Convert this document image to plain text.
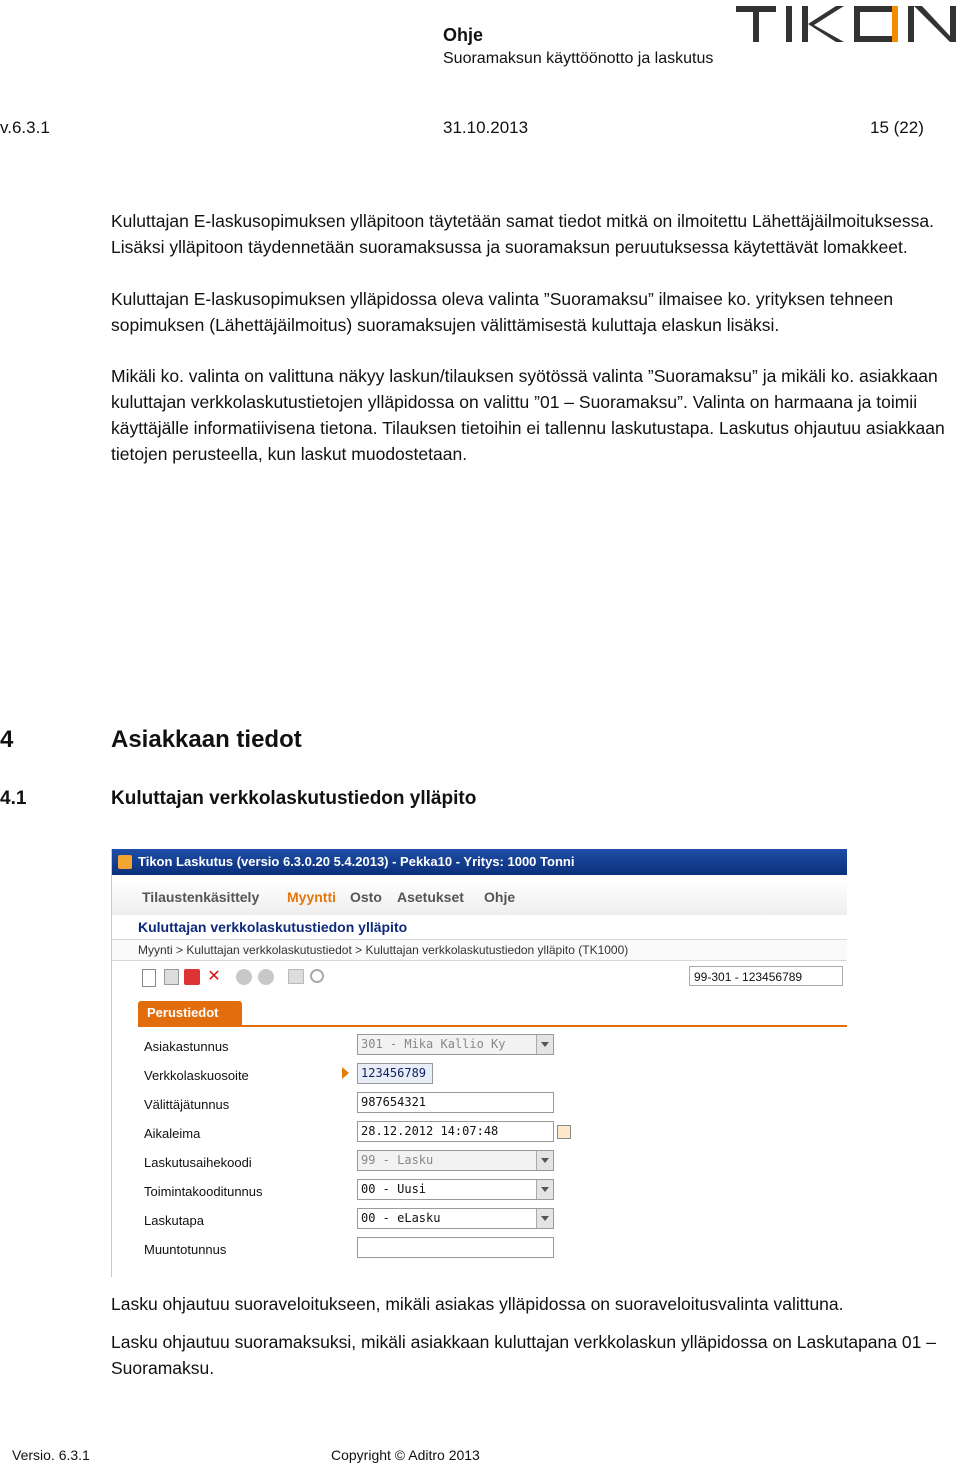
Ohje
Suoramaksun käyttöönotto ja laskutus
v.6.3.1	31.10.2013	15 (22)

Kuluttajan E-laskusopimuksen ylläpitoon täytetään samat tiedot mitkä on ilmoitettu Lähettäjäilmoituksessa. Lisäksi ylläpitoon täydennetään suoramaksussa ja suoramaksun peruutuksessa käytettävät lomakkeet.

Kuluttajan E-laskusopimuksen ylläpidossa oleva valinta ”Suoramaksu” ilmaisee ko. yrityksen tehneen sopimuksen (Lähettäjäilmoitus) suoramaksujen välittämisestä kuluttaja elaskun lisäksi.

Mikäli ko. valinta on valittuna näkyy laskun/tilauksen syötössä valinta ”Suoramaksu” ja mikäli ko. asiakkaan kuluttajan verkkolaskutustietojen ylläpidossa on valittu ”01 – Suoramaksu”. Valinta on harmaana ja toimii käyttäjälle informatiivisena tietona. Tilauksen tietoihin ei tallennu laskutustapa. Laskutus ohjautuu asiakkaan tietojen perusteella, kun laskut muodostetaan.

4	Asiakkaan tiedot
4.1	Kuluttajan verkkolaskutustiedon ylläpito
Tikon Laskutus (versio 6.3.0.20 5.4.2013) - Pekka10 - Yritys: 1000 Tonni
Tilaustenkäsittely Myyntti Osto Asetukset Ohje
Kuluttajan verkkolaskutustiedon ylläpito
Myynti > Kuluttajan verkkolaskutustiedot > Kuluttajan verkkolaskutustiedon ylläpito (TK1000)
✕	99-301 - 123456789
Perustiedot
Asiakastunnus	301 - Mika Kallio Ky
Verkkolaskuosoite	123456789
Välittäjätunnus	987654321
Aikaleima	28.12.2012 14:07:48
Laskutusaihekoodi	99 - Lasku
Toimintakooditunnus	00 - Uusi
Laskutapa	00 - eLasku
Muuntotunnus

Lasku ohjautuu suoraveloitukseen, mikäli asiakas ylläpidossa on suoraveloitusvalinta valittuna.

Lasku ohjautuu suoramaksuksi, mikäli asiakkaan kuluttajan verkkolaskun ylläpidossa on Laskutapana 01 – Suoramaksu.

Versio. 6.3.1	Copyright © Aditro 2013
